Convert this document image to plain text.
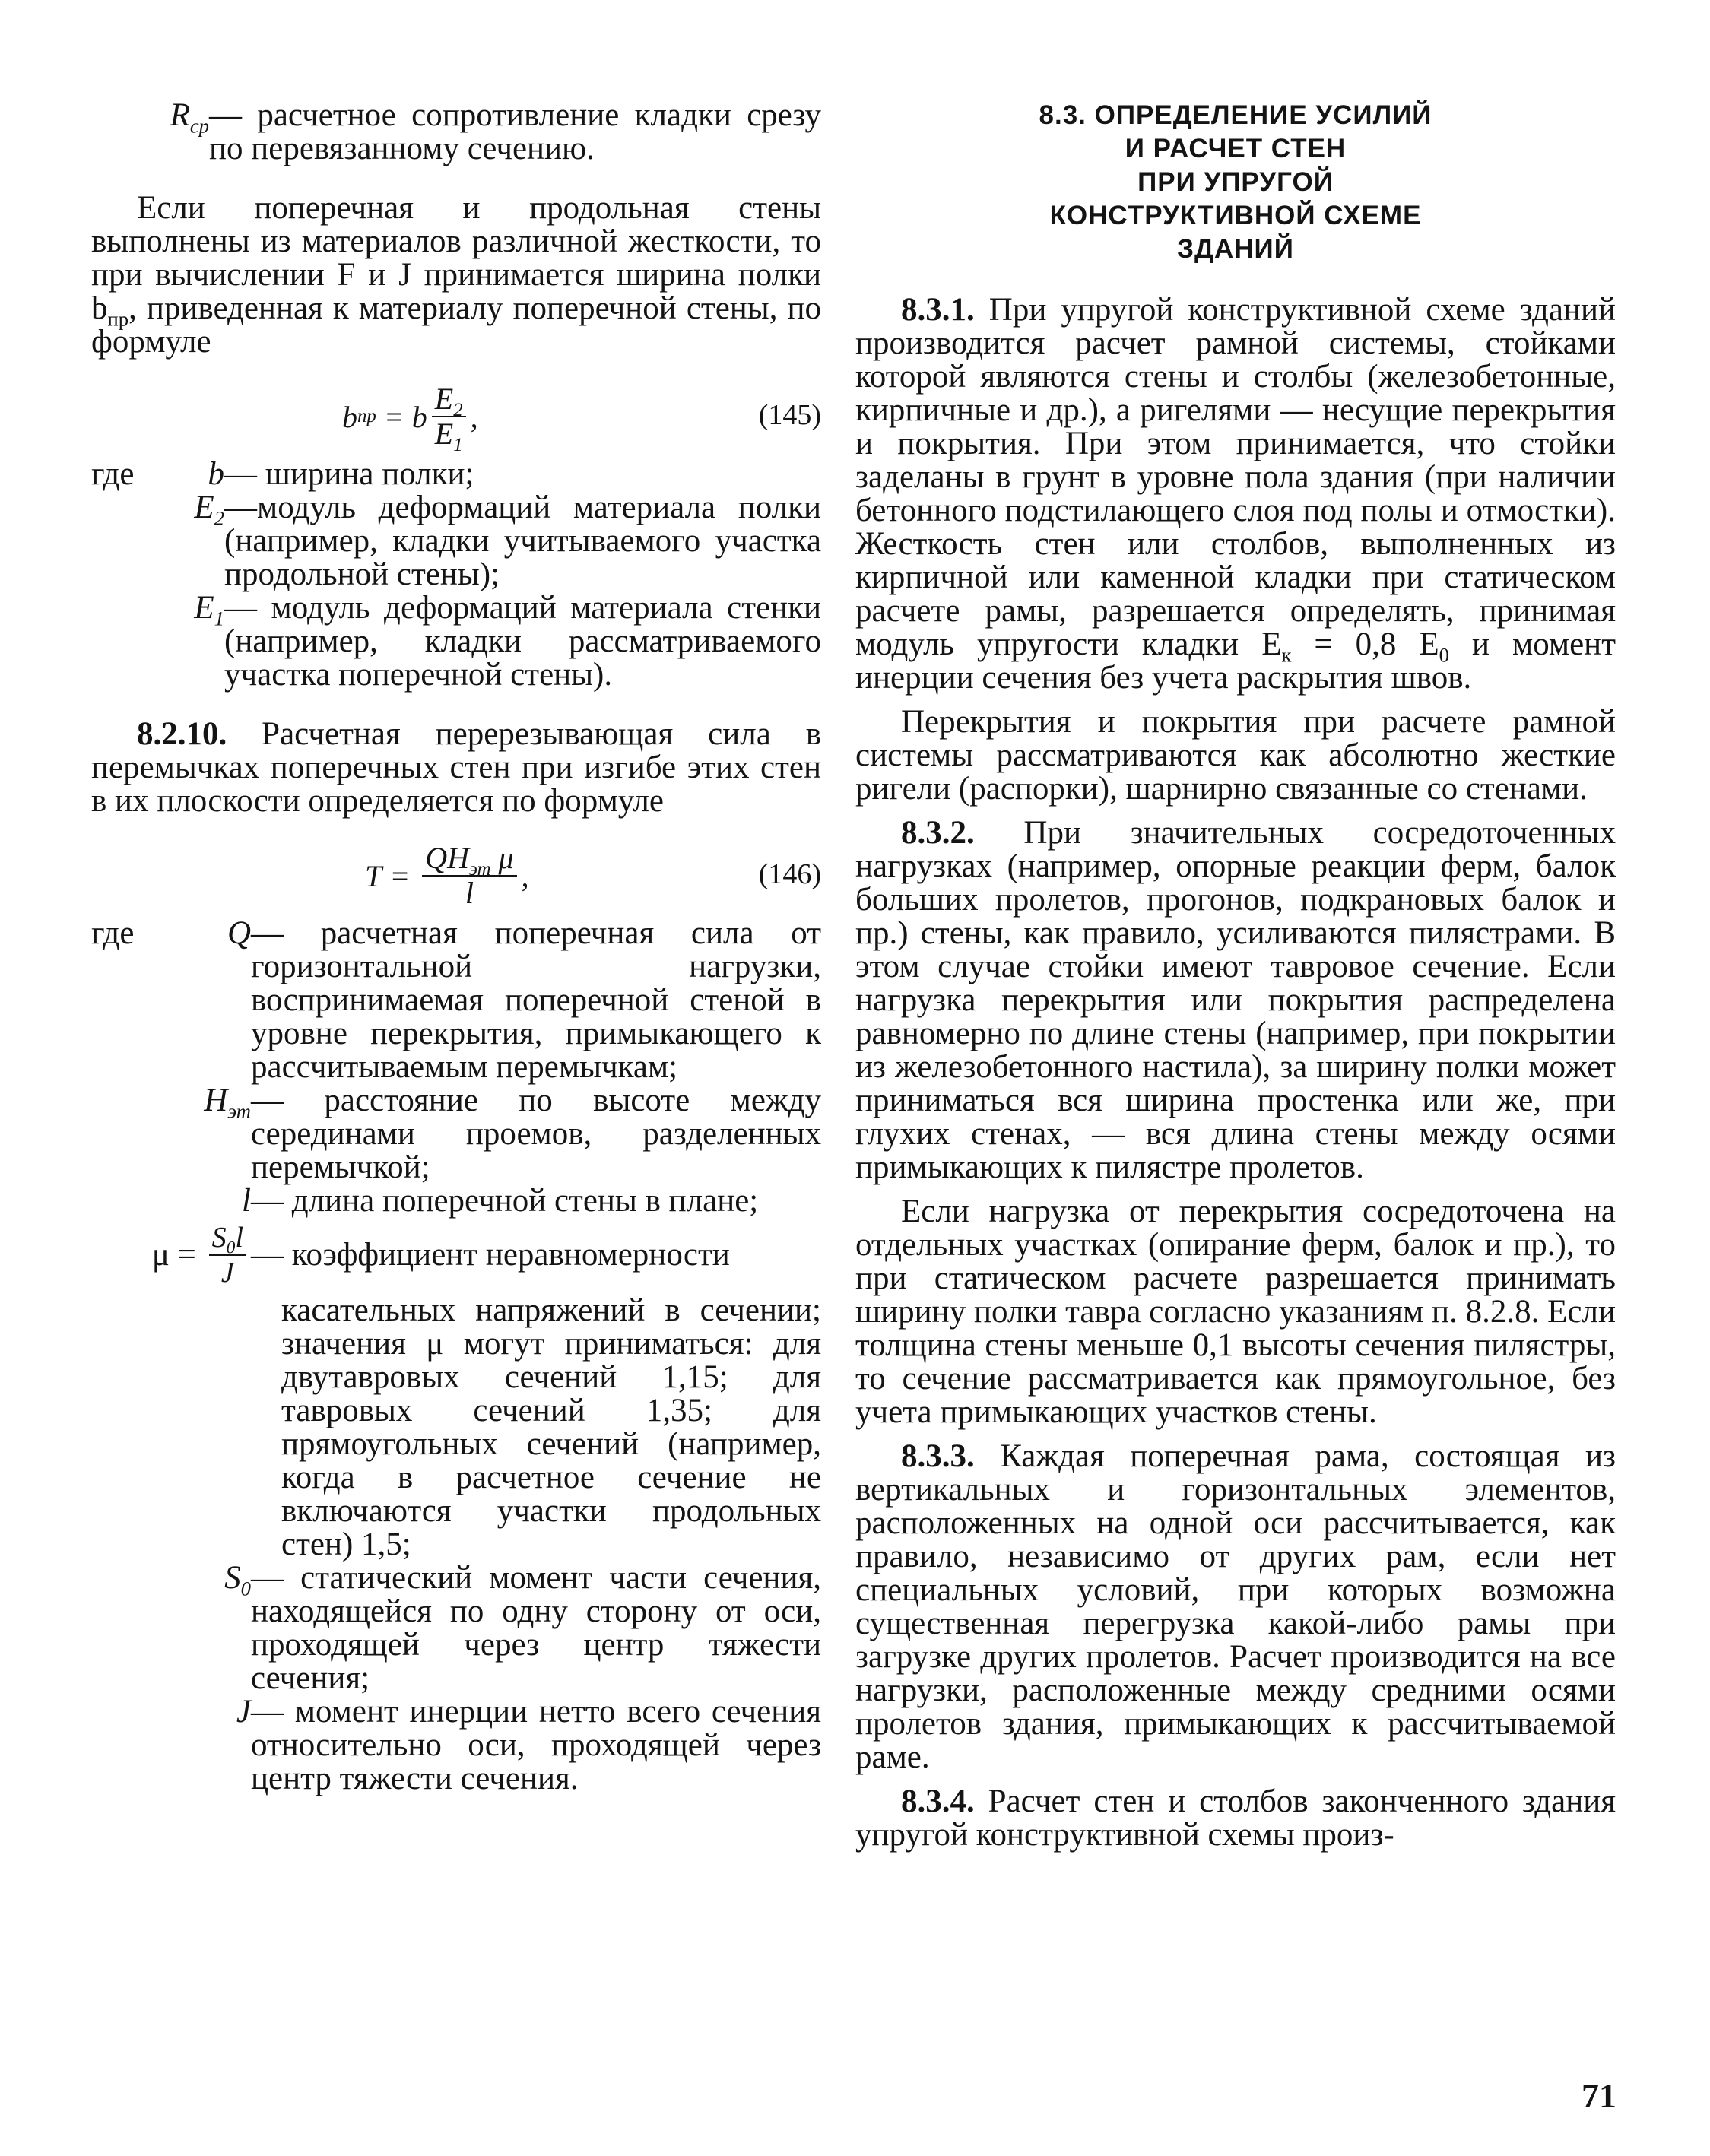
$R_{ср}$ — расчетное сопротивление кладки срезу по перевязанному сечению.

Если поперечная и продольная стены выполнены из материалов различной жесткости, то при вычислении F и J принимается ширина полки $b_{пр}$, приведенная к материалу поперечной стены, по формуле

b пр = b $\frac{E_2}{E_1}$ ,	(145)
где	b — ширина полки;
$E_2$ —модуль деформаций материала полки (например, кладки учитываемого участка продольной стены);
$E_1$ — модуль деформаций материала стенки (например, кладки рассматриваемого участка поперечной стены).

8.2.10. Расчетная перерезывающая сила в перемычках поперечных стен при изгибе этих стен в их плоскости определяется по формуле

$T = \frac{QH_{эт} \mu}{l}$ ,	(146)
где	Q — расчетная поперечная сила от горизонтальной нагрузки, воспринимаемая поперечной стеной в уровне перекрытия, примыкающего к рассчитываемым перемычкам;
$H_{эт}$ — расстояние по высоте между серединами проемов, разделенных перемычкой;
l — длина поперечной стены в плане;
$\mu = \frac{S_0l}{J}$ — коэффициент неравномерности
касательных напряжений в сечении; значения μ могут приниматься: для двутавровых сечений 1,15; для тавровых сечений 1,35; для прямоугольных сечений (например, когда в расчетное сечение не включаются участки продольных стен) 1,5;
$S_0$ — статический момент части сечения, находящейся по одну сторону от оси, проходящей через центр тяжести сечения;
J — момент инерции нетто всего сечения относительно оси, проходящей через центр тяжести сечения.
8.3. ОПРЕДЕЛЕНИЕ УСИЛИЙ
И РАСЧЕТ СТЕН
ПРИ УПРУГОЙ
КОНСТРУКТИВНОЙ СХЕМЕ
ЗДАНИЙ

8.3.1. При упругой конструктивной схеме зданий производится расчет рамной системы, стойками которой являются стены и столбы (железобетонные, кирпичные и др.), а ригелями — несущие перекрытия и покрытия. При этом принимается, что стойки заделаны в грунт в уровне пола здания (при наличии бетонного подстилающего слоя под полы и отмостки). Жесткость стен или столбов, выполненных из кирпичной или каменной кладки при статическом расчете рамы, разрешается определять, принимая модуль упругости кладки $E_к = 0,8$ $E_0$ и момент инерции сечения без учета раскрытия швов.

Перекрытия и покрытия при расчете рамной системы рассматриваются как абсолютно жесткие ригели (распорки), шарнирно связанные со стенами.

8.3.2. При значительных сосредоточенных нагрузках (например, опорные реакции ферм, балок больших пролетов, прогонов, подкрановых балок и пр.) стены, как правило, усиливаются пилястрами. В этом случае стойки имеют тавровое сечение. Если нагрузка перекрытия или покрытия распределена равномерно по длине стены (например, при покрытии из железобетонного настила), за ширину полки может приниматься вся ширина простенка или же, при глухих стенах, — вся длина стены между осями примыкающих к пилястре пролетов.

Если нагрузка от перекрытия сосредоточена на отдельных участках (опирание ферм, балок и пр.), то при статическом расчете разрешается принимать ширину полки тавра согласно указаниям п. 8.2.8. Если толщина стены меньше 0,1 высоты сечения пилястры, то сечение рассматривается как прямоугольное, без учета примыкающих участков стены.

8.3.3. Каждая поперечная рама, состоящая из вертикальных и горизонтальных элементов, расположенных на одной оси рассчитывается, как правило, независимо от других рам, если нет специальных условий, при которых возможна существенная перегрузка какой-либо рамы при загрузке других пролетов. Расчет производится на все нагрузки, расположенные между средними осями пролетов здания, примыкающих к рассчитываемой раме.

8.3.4. Расчет стен и столбов законченного здания упругой конструктивной схемы произ-

71
